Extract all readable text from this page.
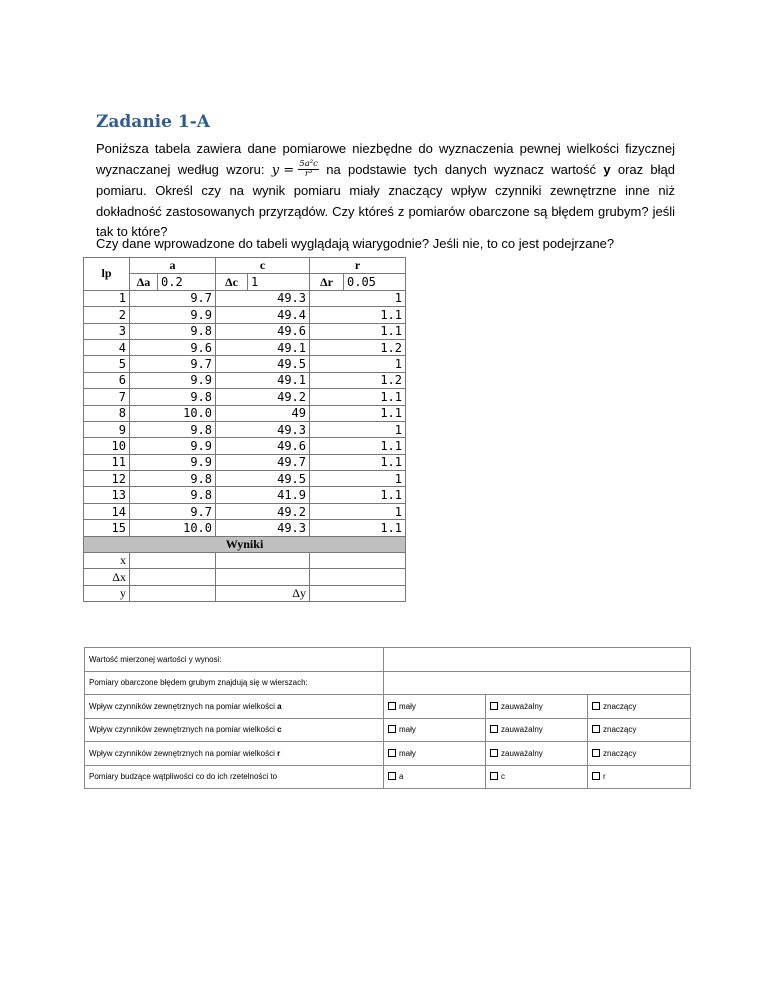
Zadanie 1-A
Poniższa tabela zawiera dane pomiarowe niezbędne do wyznaczenia pewnej wielkości fizycznej wyznaczanej według wzoru: $y = \frac{\text{5a²c}}{\text{r³}}$ na podstawie tych danych wyznacz wartość y oraz błąd pomiaru. Określ czy na wynik pomiaru miały znaczący wpływ czynniki zewnętrzne inne niż dokładność zastosowanych przyrządów. Czy któreś z pomiarów obarczone są błędem grubym? jeśli tak to które?
Czy dane wprowadzone do tabeli wyglądają wiarygodnie? Jeśli nie, to co jest podejrzane?
lp	a		c		r	
	Δa	0.2	Δc	1	Δr	0.05
1	9.7		49.3		1	
2	9.9		49.4		1.1	
3	9.8		49.6		1.1	
4	9.6		49.1		1.2	
5	9.7		49.5		1	
6	9.9		49.1		1.2	
7	9.8		49.2		1.1	
8	10.0		49		1.1	
9	9.8		49.3		1	
10	9.9		49.6		1.1	
11	9.9		49.7		1.1	
12	9.8		49.5		1	
13	9.8		41.9		1.1	
14	9.7		49.2		1	
15	10.0		49.3		1.1	
Wyniki						
x						
Δx						
y			Δy			
Wartość mierzonej wartości y wynosi:			
Pomiary obarczone błędem grubym znajdują się w wierszach:			
Wpływ czynników zewnętrznych na pomiar wielkości a	mały	zauważalny	znaczący
Wpływ czynników zewnętrznych na pomiar wielkości c	mały	zauważalny	znaczący
Wpływ czynników zewnętrznych na pomiar wielkości r	mały	zauważalny	znaczący
Pomiary budzące wątpliwości co do ich rzetelności to	a	c	r
